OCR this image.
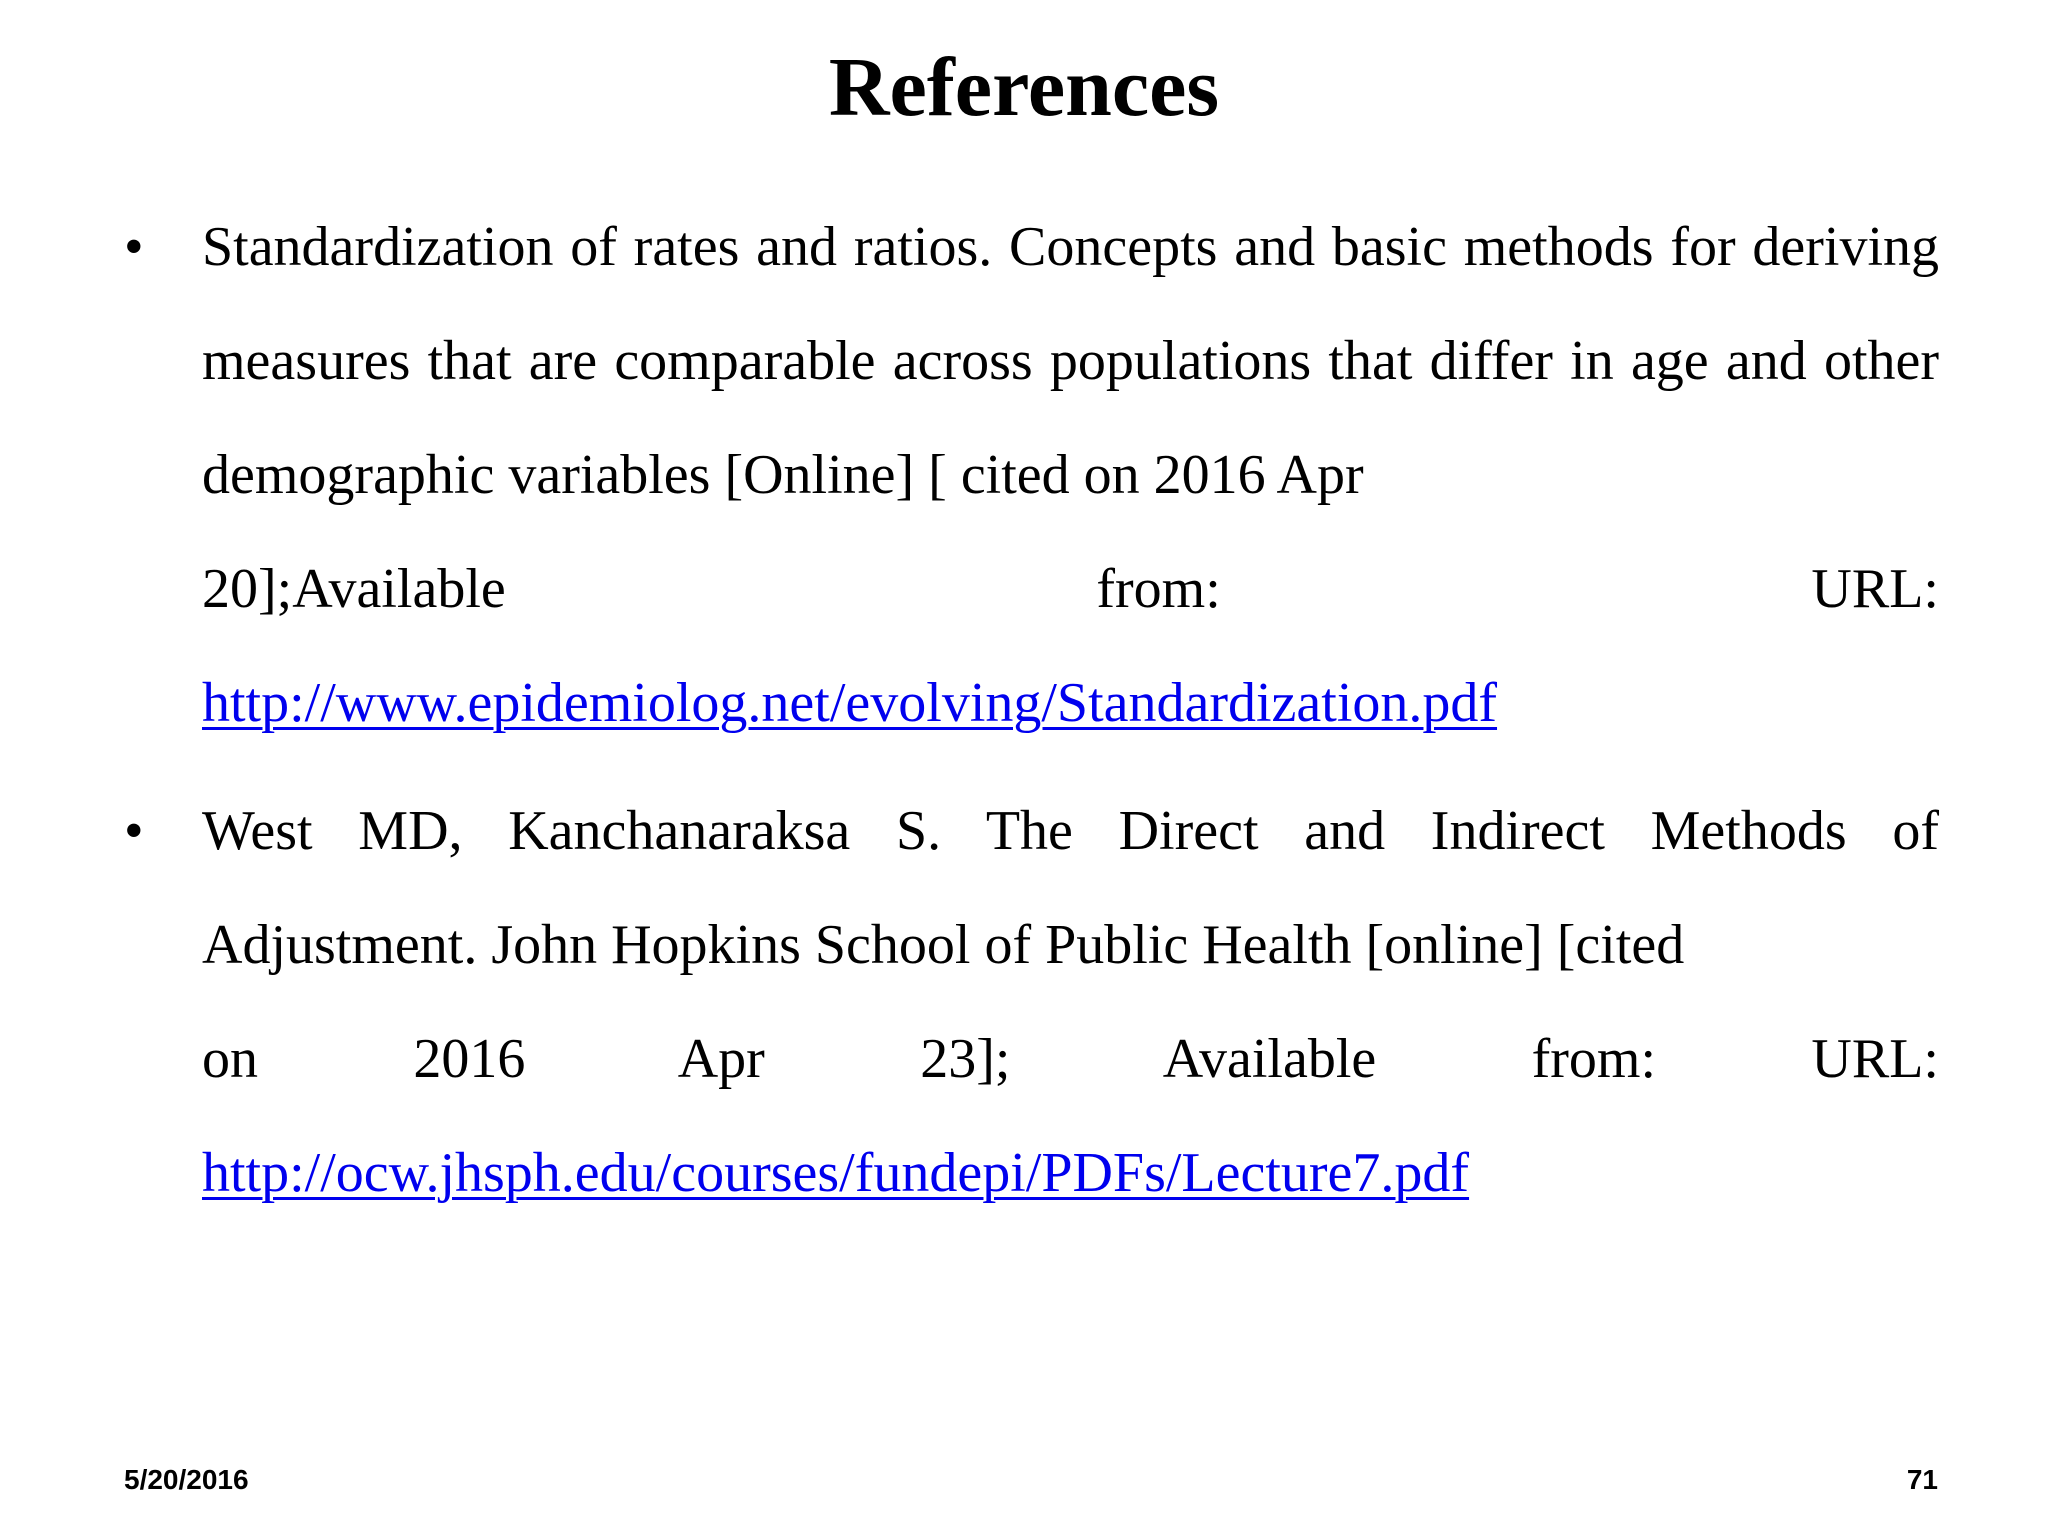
References
•	Standardization of rates and ratios. Concepts and basic methods for deriving measures that are comparable across populations that differ in age and other demographic variables [Online] [ cited on 2016 Apr
20];Available from: URL:
http://www.epidemiolog.net/evolving/Standardization.pdf
•	West MD, Kanchanaraksa S. The Direct and Indirect Methods of Adjustment. John Hopkins School of Public Health [online] [cited
on 2016 Apr 23]; Available from: URL:
http://ocw.jhsph.edu/courses/fundepi/PDFs/Lecture7.pdf
5/20/2016	71
